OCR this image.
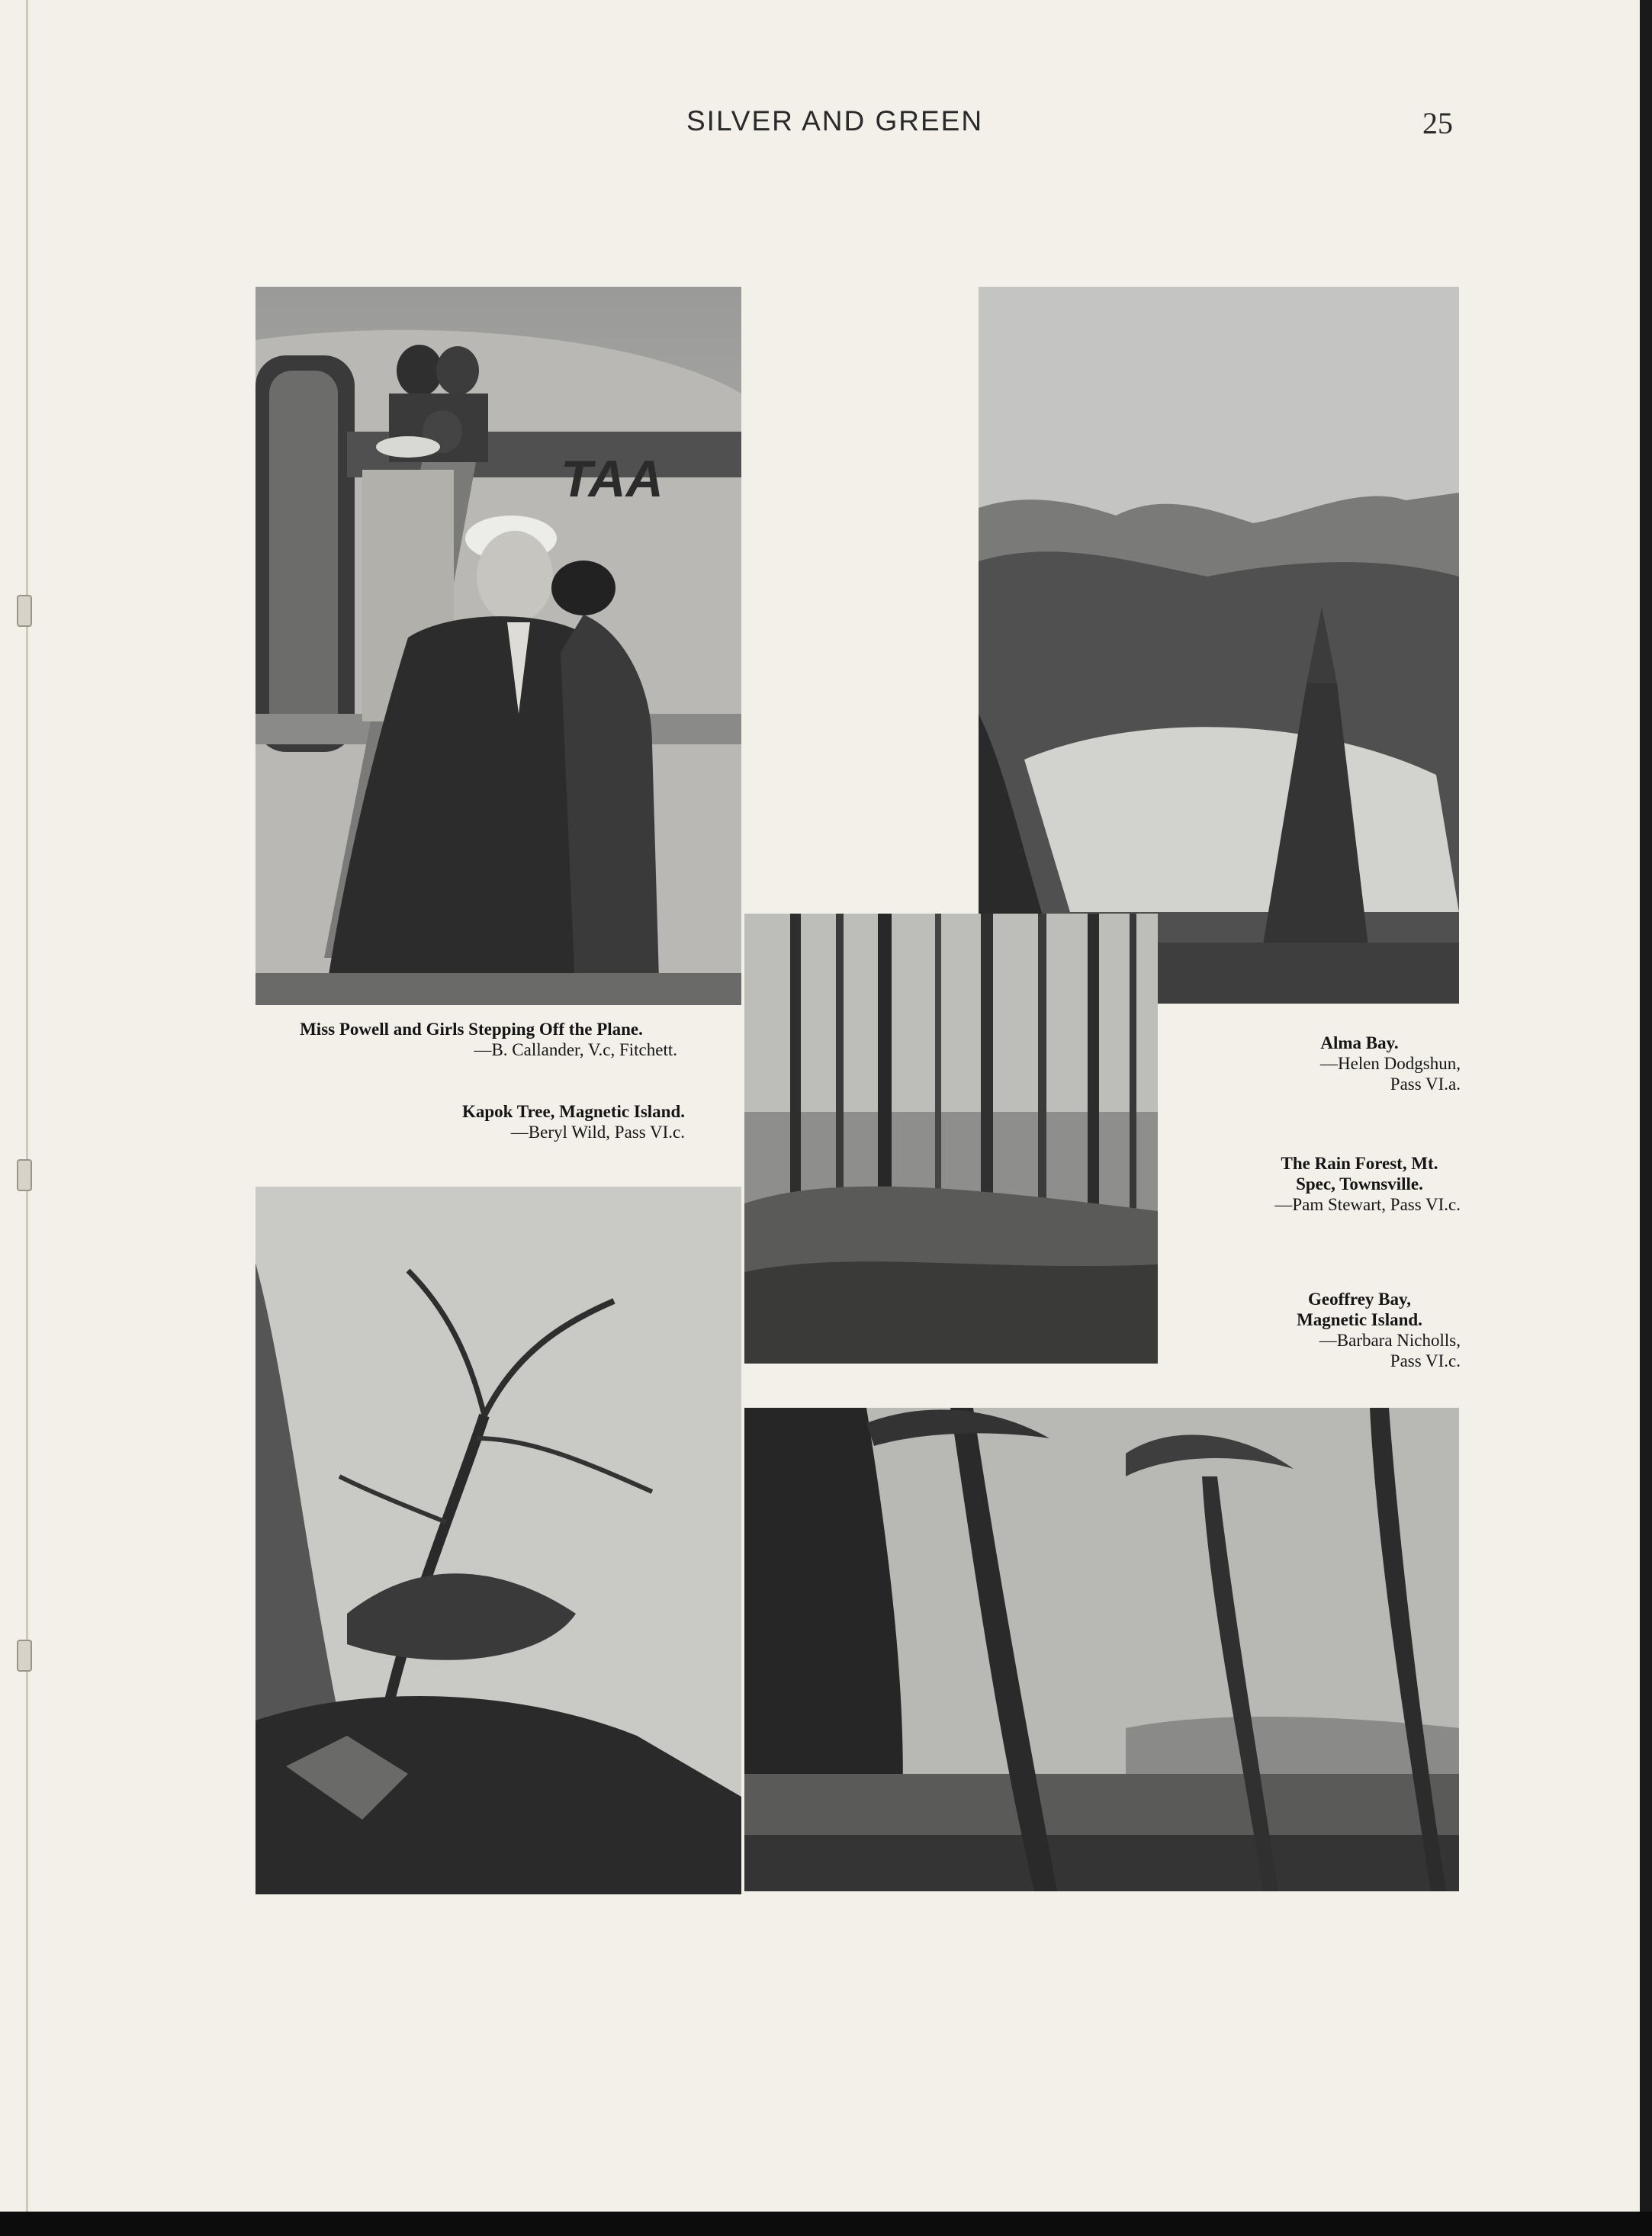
SILVER AND GREEN	25
TAA
Miss Powell and Girls Stepping Off the Plane.
—B. Callander, V.c, Fitchett.
Kapok Tree, Magnetic Island.
—Beryl Wild, Pass VI.c.
Alma Bay.
—Helen Dodgshun,
Pass VI.a.
The Rain Forest, Mt.
Spec, Townsville.
—Pam Stewart, Pass VI.c.
Geoffrey Bay,
Magnetic Island.
—Barbara Nicholls,
Pass VI.c.
